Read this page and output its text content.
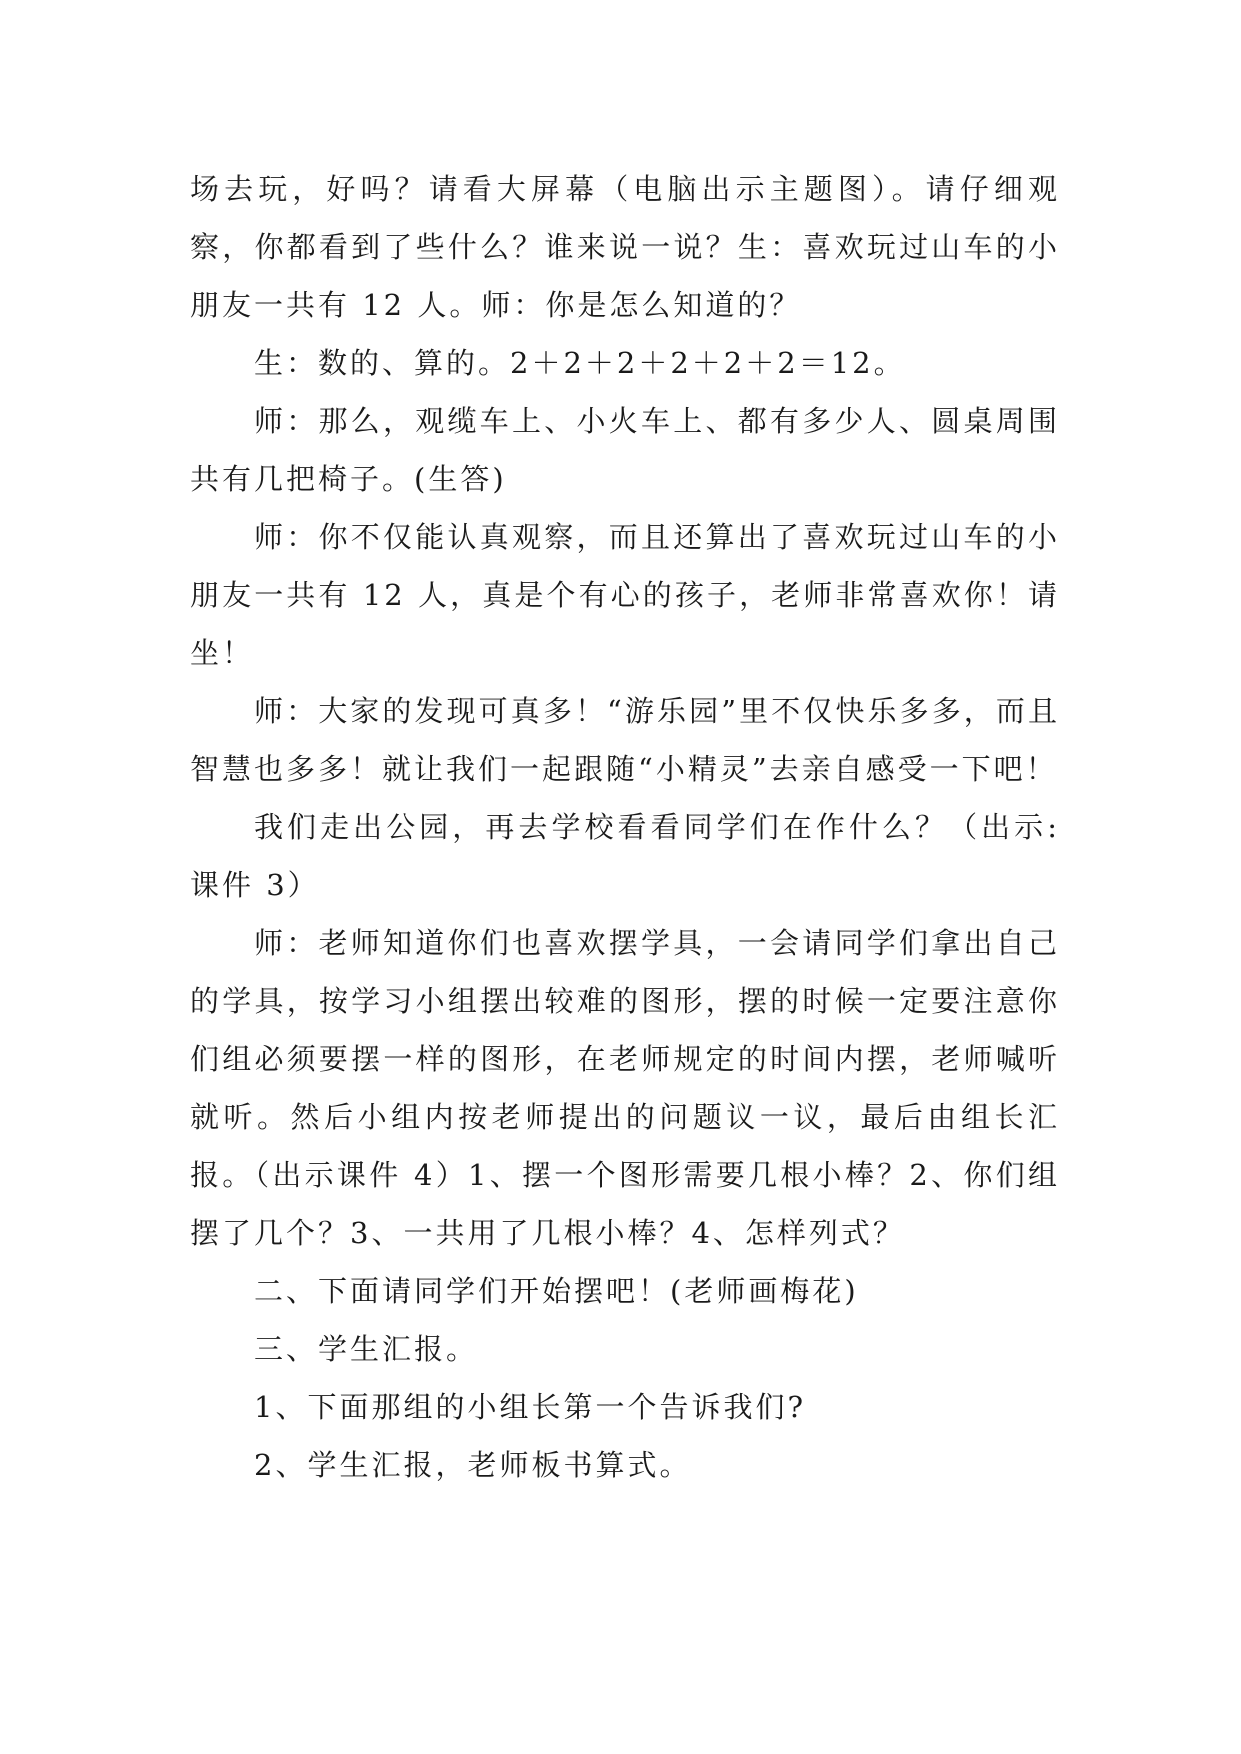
场去玩，好吗？请看大屏幕（电脑出示主题图）。请仔细观察，你都看到了些什么？谁来说一说？生：喜欢玩过山车的小朋友一共有 12 人。师：你是怎么知道的？

生：数的、算的。2＋2＋2＋2＋2＋2＝12。

师：那么，观缆车上、小火车上、都有多少人、圆桌周围共有几把椅子。(生答)

师：你不仅能认真观察，而且还算出了喜欢玩过山车的小朋友一共有 12 人，真是个有心的孩子，老师非常喜欢你！请坐！

师：大家的发现可真多！“游乐园”里不仅快乐多多，而且智慧也多多！就让我们一起跟随“小精灵”去亲自感受一下吧！

我们走出公园，再去学校看看同学们在作什么？（出示:课件 3）

师：老师知道你们也喜欢摆学具，一会请同学们拿出自己的学具，按学习小组摆出较难的图形，摆的时候一定要注意你们组必须要摆一样的图形，在老师规定的时间内摆，老师喊听就听。然后小组内按老师提出的问题议一议，最后由组长汇报。（出示课件 4）1、摆一个图形需要几根小棒？2、你们组摆了几个？3、一共用了几根小棒？4、怎样列式？

二、下面请同学们开始摆吧！(老师画梅花)

三、学生汇报。

1、下面那组的小组长第一个告诉我们?

2、学生汇报，老师板书算式。
